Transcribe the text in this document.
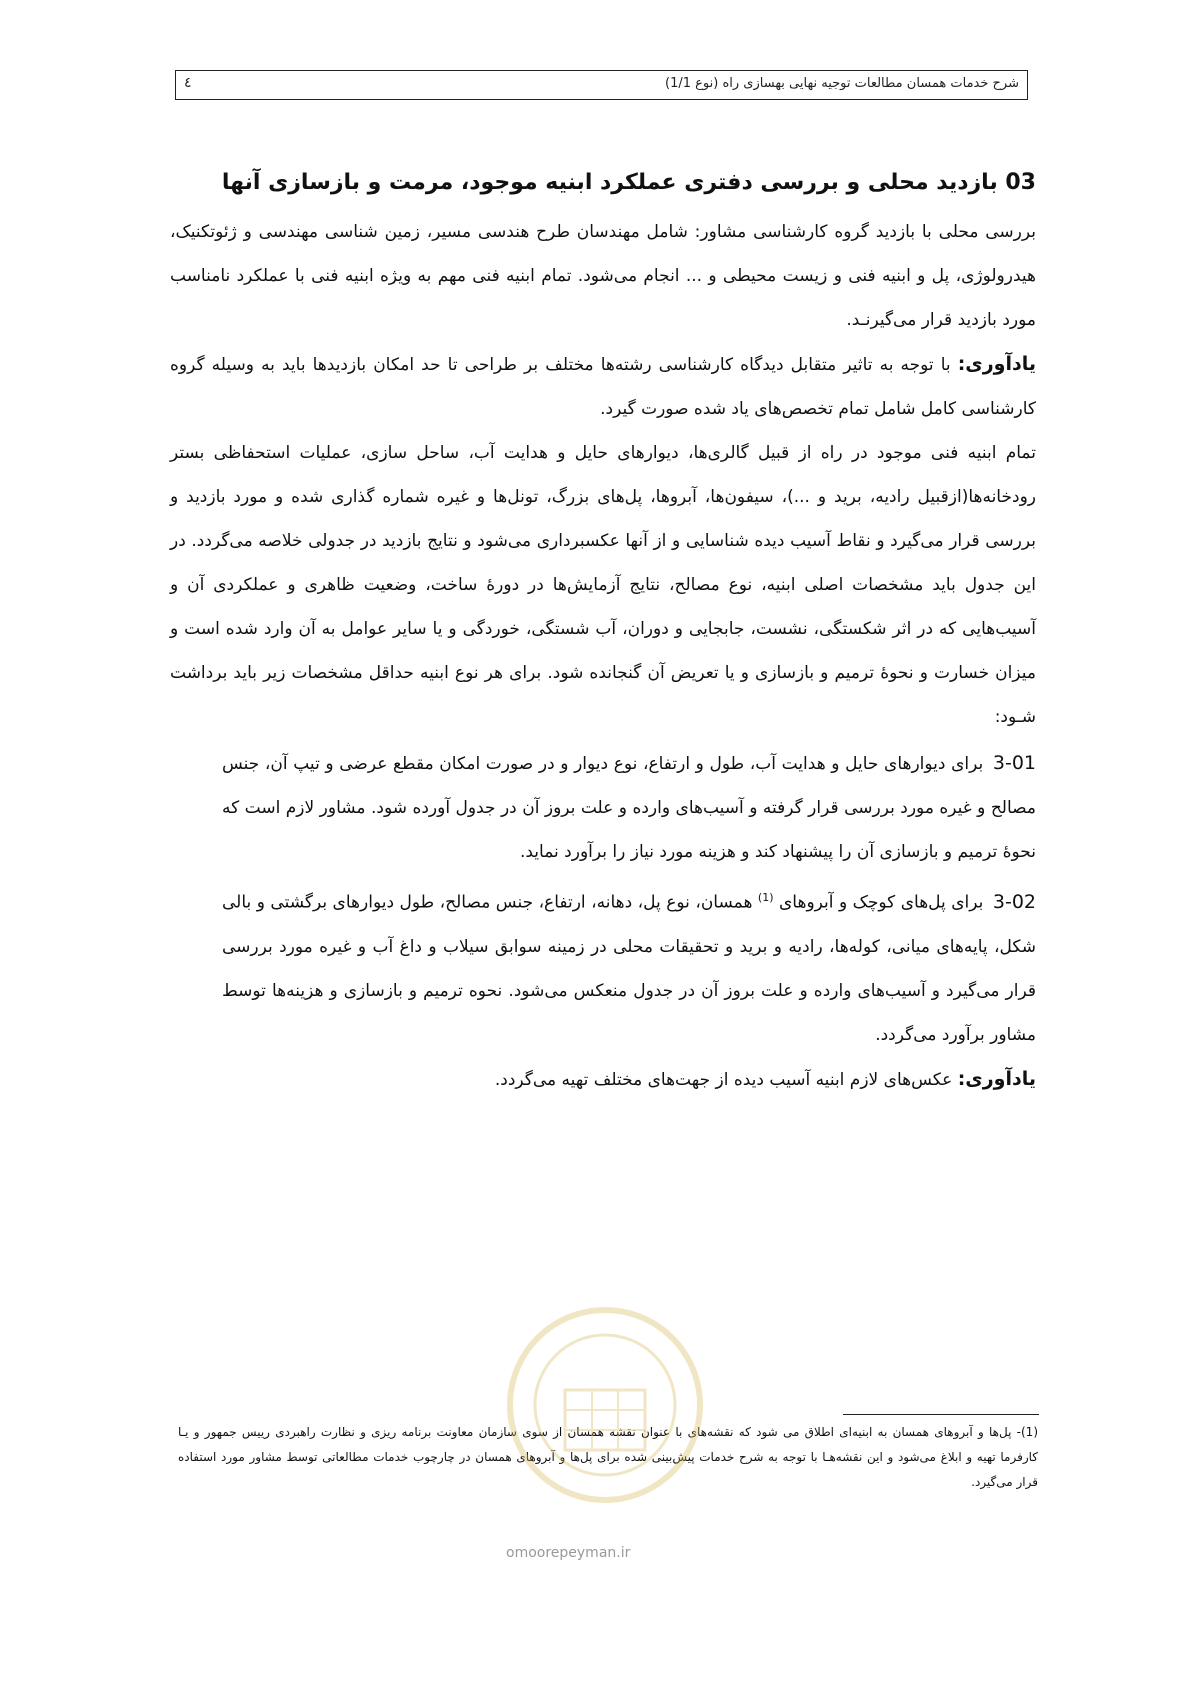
شرح خدمات همسان مطالعات توجیه نهایی بهسازی راه (نوع 1/1)
٤
03 بازدید محلی و بررسی دفتری عملکرد ابنیه موجود، مرمت و بازسازی آنها

بررسی محلی با بازدید گروه کارشناسی مشاور: شامل مهندسان طرح هندسی مسیر، زمین شناسی مهندسی و ژئوتکنیک، هیدرولوژی، پل و ابنیه فنی و زیست محیطی و ... انجام می‌شود. تمام ابنیه فنی مهم به ویژه ابنیه فنی با عملکرد نامناسب مورد بازدید قرار می‌گیرنـد.

یادآوری: با توجه به تاثیر متقابل دیدگاه کارشناسی رشته‌ها مختلف بر طراحی تا حد امکان بازدیدها باید به وسیله گروه کارشناسی کامل شامل تمام تخصص‌های یاد شده صورت گیرد.

تمام ابنیه فنی موجود در راه از قبیل گالری‌ها، دیوارهای حایل و هدایت آب، ساحل سازی، عملیات استحفاظی بستر رودخانه‌ها(ازقبیل رادیه، برید و ...)، سیفون‌ها، آبروها، پل‌های بزرگ، تونل‌ها و غیره شماره گذاری شده و مورد بازدید و بررسی قرار می‌گیرد و نقاط آسیب دیده شناسایی و از آنها عکسبرداری می‌شود و نتایج بازدید در جدولی خلاصه می‌گردد. در این جدول باید مشخصات اصلی ابنیه، نوع مصالح، نتایج آزمایش‌ها در دورهٔ ساخت، وضعیت ظاهری و عملکردی آن و آسیب‌هایی که در اثر شکستگی، نشست، جابجایی و دوران، آب شستگی، خوردگی و یا سایر عوامل به آن وارد شده است و میزان خسارت و نحوهٔ ترمیم و بازسازی و یا تعریض آن گنجانده شود. برای هر نوع ابنیه حداقل مشخصات زیر باید برداشت شـود:

3-01 برای دیوارهای حایل و هدایت آب، طول و ارتفاع، نوع دیوار و در صورت امکان مقطع عرضی و تیپ آن، جنس مصالح و غیره مورد بررسی قرار گرفته و آسیب‌های وارده و علت بروز آن در جدول آورده شود. مشاور لازم است که نحوهٔ ترمیم و بازسازی آن را پیشنهاد کند و هزینه مورد نیاز را برآورد نماید.

3-02 برای پل‌های کوچک و آبروهای $^{(1)}$ همسان، نوع پل، دهانه، ارتفاع، جنس مصالح، طول دیوارهای برگشتی و بالی شکل، پایه‌های میانی، کوله‌ها، رادیه و برید و تحقیقات محلی در زمینه سوابق سیلاب و داغ آب و غیره مورد بررسی قرار می‌گیرد و آسیب‌های وارده و علت بروز آن در جدول منعکس می‌شود. نحوه ترمیم و بازسازی و هزینه‌ها توسط مشاور برآورد می‌گردد.

یادآوری: عکس‌های لازم ابنیه آسیب دیده از جهت‌های مختلف تهیه می‌گردد.

(1)- پل‌ها و آبروهای همسان به ابنیه‌ای اطلاق می شود که نقشه‌های با عنوان نقشه همسان از سوی سازمان معاونت برنامه ریزی و نظارت راهبردی رییس جمهور و یـا کارفرما تهیه و ابلاغ می‌شود و این نقشه‌هـا با توجه به شرح خدمات پیش‌بینی شده برای پل‌ها و آبروهای همسان در چارچوب خدمات مطالعاتی توسط مشاور مورد استفاده قرار می‌گیرد.
omoorepeyman.ir
